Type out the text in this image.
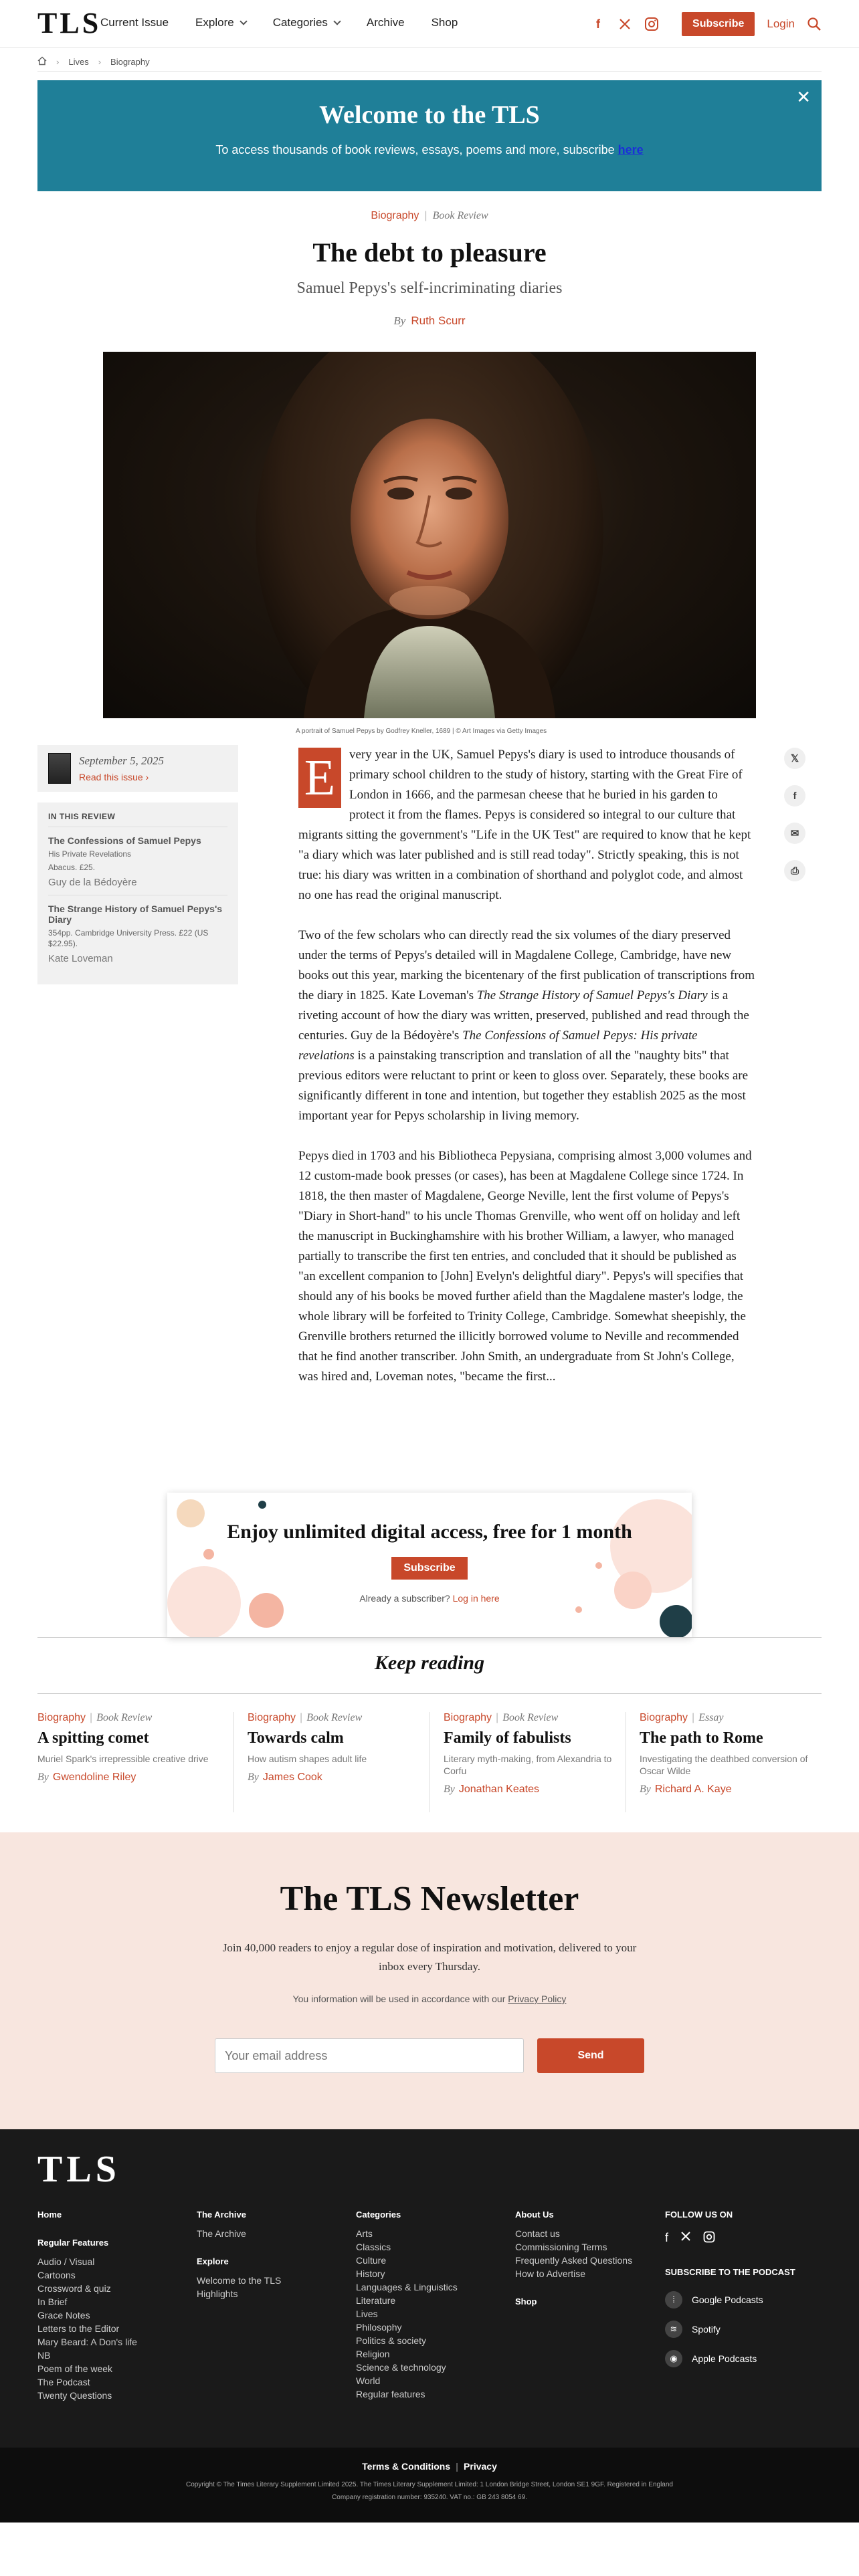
TLS
Current Issue Explore	Categories	Archive Shop	f	Subscribe	Login
› Lives › Biography
✕
Welcome to the TLS

To access thousands of book reviews, essays, poems and more, subscribe here

Biography | Book Review
The debt to pleasure
Samuel Pepys's self-incriminating diaries
By Ruth Scurr
A portrait of Samuel Pepys by Godfrey Kneller, 1689 | © Art Images via Getty Images
September 5, 2025
Read this issue ›
IN THIS REVIEW
The Confessions of Samuel Pepys
His Private Revelations
Abacus. £25.
Guy de la Bédoyère
The Strange History of Samuel Pepys's Diary
354pp. Cambridge University Press. £22 (US $22.95).
Kate Loveman
𝕏
f
✉
⎙

E	very year in the UK, Samuel Pepys's diary is used to introduce thousands of primary school children to the study of history, starting with the Great Fire of London in 1666, and the parmesan cheese that he buried in his garden to protect it from the flames. Pepys is considered so integral to our culture that migrants sitting the government's "Life in the UK Test" are required to know that he kept "a diary which was later published and is still read today". Strictly speaking, this is not true: his diary was written in a combination of shorthand and polyglot code, and almost no one has read the original manuscript.

Two of the few scholars who can directly read the six volumes of the diary preserved under the terms of Pepys's detailed will in Magdalene College, Cambridge, have new books out this year, marking the bicentenary of the first publication of transcriptions from the diary in 1825. Kate Loveman's The Strange History of Samuel Pepys's Diary is a riveting account of how the diary was written, preserved, published and read through the centuries. Guy de la Bédoyère's The Confessions of Samuel Pepys: His private revelations is a painstaking transcription and translation of all the "naughty bits" that previous editors were reluctant to print or keen to gloss over. Separately, these books are significantly different in tone and intention, but together they establish 2025 as the most important year for Pepys scholarship in living memory.

Pepys died in 1703 and his Bibliotheca Pepysiana, comprising almost 3,000 volumes and 12 custom-made book presses (or cases), has been at Magdalene College since 1724. In 1818, the then master of Magdalene, George Neville, lent the first volume of Pepys's "Diary in Short-hand" to his uncle Thomas Grenville, who went off on holiday and left the manuscript in Buckinghamshire with his brother William, a lawyer, who managed partially to transcribe the first ten entries, and concluded that it should be published as "an excellent companion to [John] Evelyn's delightful diary". Pepys's will specifies that should any of his books be moved further afield than the Magdalene master's lodge, the whole library will be forfeited to Trinity College, Cambridge. Somewhat sheepishly, the Grenville brothers returned the illicitly borrowed volume to Neville and recommended that he find another transcriber. John Smith, an undergraduate from St John's College, was hired and, Loveman notes, "became the first...

Enjoy unlimited digital access, free for 1 month
Subscribe
Already a subscriber? Log in here
Keep reading
Biography | Book Review
A spitting comet
Muriel Spark's irrepressible creative drive
By Gwendoline Riley
Biography | Book Review
Towards calm
How autism shapes adult life
By James Cook
Biography | Book Review
Family of fabulists
Literary myth-making, from Alexandria to Corfu
By Jonathan Keates
Biography | Essay
The path to Rome
Investigating the deathbed conversion of Oscar Wilde
By Richard A. Kaye
The TLS Newsletter
Join 40,000 readers to enjoy a regular dose of inspiration and motivation, delivered to your inbox every Thursday.
You information will be used in accordance with our Privacy Policy
Your email address
Send
TLS
Home
Regular Features
Audio / Visual
Cartoons
Crossword & quiz
In Brief
Grace Notes
Letters to the Editor
Mary Beard: A Don's life
NB
Poem of the week
The Podcast
Twenty Questions
The Archive
The Archive
Explore
Welcome to the TLS
Highlights
Categories
Arts
Classics
Culture
History
Languages & Linguistics
Literature
Lives
Philosophy
Politics & society
Religion
Science & technology
World
Regular features
About Us
Contact us
Commissioning Terms
Frequently Asked Questions
How to Advertise
Shop
FOLLOW US ON
f
SUBSCRIBE TO THE PODCAST
⁞	Google Podcasts
≋	Spotify
◉	Apple Podcasts
Terms & Conditions | Privacy
Copyright © The Times Literary Supplement Limited 2025. The Times Literary Supplement Limited: 1 London Bridge Street, London SE1 9GF. Registered in England
Company registration number: 935240. VAT no.: GB 243 8054 69.
